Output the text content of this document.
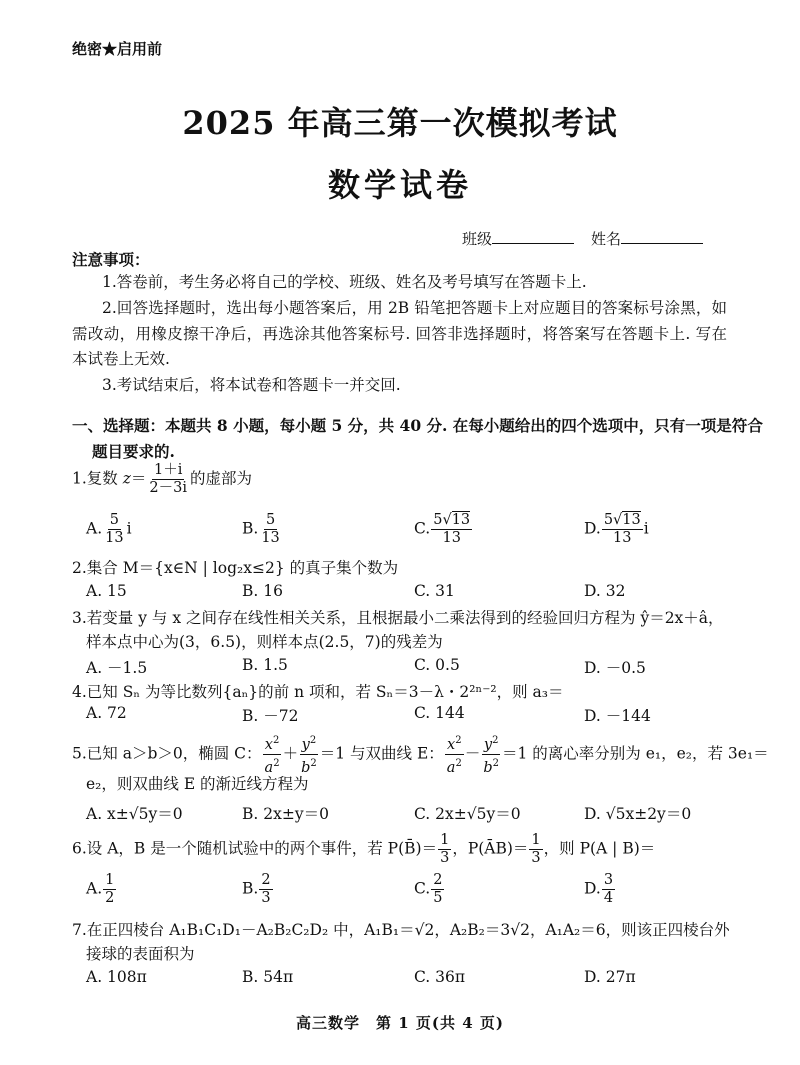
绝密★启用前
2025 年高三第一次模拟考试
数学试卷
班级	姓名
注意事项：
1.答卷前，考生务必将自己的学校、班级、姓名及考号填写在答题卡上.
2.回答选择题时，选出每小题答案后，用 2B 铅笔把答题卡上对应题目的答案标号涂黑，如需改动，用橡皮擦干净后，再选涂其他答案标号. 回答非选择题时，将答案写在答题卡上. 写在本试卷上无效.
3.考试结束后，将本试卷和答题卡一并交回.
一、选择题：本题共 8 小题，每小题 5 分，共 40 分. 在每小题给出的四个选项中，只有一项是符合
题目要求的.
1.复数 $z= \frac{1+i}{2-3i}$ 的虚部为
A. $\frac{5}{13}$ i	B. $\frac{5}{13}$	C. $\frac{5√13}{13}$	D. $\frac{5√13}{13}$ i
2.集合 M＝{x∈N | log₂x≤2} 的真子集个数为
A. 15	B. 16	C. 31	D. 32
3.若变量 y 与 x 之间存在线性相关关系，且根据最小二乘法得到的经验回归方程为 ŷ＝2x＋â，
样本点中心为(3，6.5)，则样本点(2.5，7)的残差为
A. －1.5	B. 1.5	C. 0.5	D. －0.5
4.已知 Sₙ 为等比数列{aₙ}的前 n 项和，若 Sₙ＝3－λ・2²ⁿ⁻²，则 a₃＝
A. 72	B. －72	C. 144	D. －144
5.已知 a＞b＞0，椭圆 C： $\frac{x^2}{a^2} + \frac{y^2}{b^2} =1$ 与双曲线 E： $\frac{x^2}{a^2} - \frac{y^2}{b^2} =1$ 的离心率分别为 e₁，e₂，若 3e₁＝
e₂，则双曲线 E 的渐近线方程为
A. x±√5y＝0	B. 2x±y＝0	C. 2x±√5y＝0	D. √5x±2y＝0
6.设 A，B 是一个随机试验中的两个事件，若 P(B̄)＝ $\frac{1}{3}$ ，P(ĀB)＝ $\frac{1}{3}$ ，则 P(A | B)＝
A. $\frac{1}{2}$	B. $\frac{2}{3}$	C. $\frac{2}{5}$	D. $\frac{3}{4}$
7.在正四棱台 A₁B₁C₁D₁－A₂B₂C₂D₂ 中，A₁B₁＝√2，A₂B₂＝3√2，A₁A₂＝6，则该正四棱台外
接球的表面积为
A. 108π	B. 54π	C. 36π	D. 27π
高三数学　第 1 页(共 4 页)
